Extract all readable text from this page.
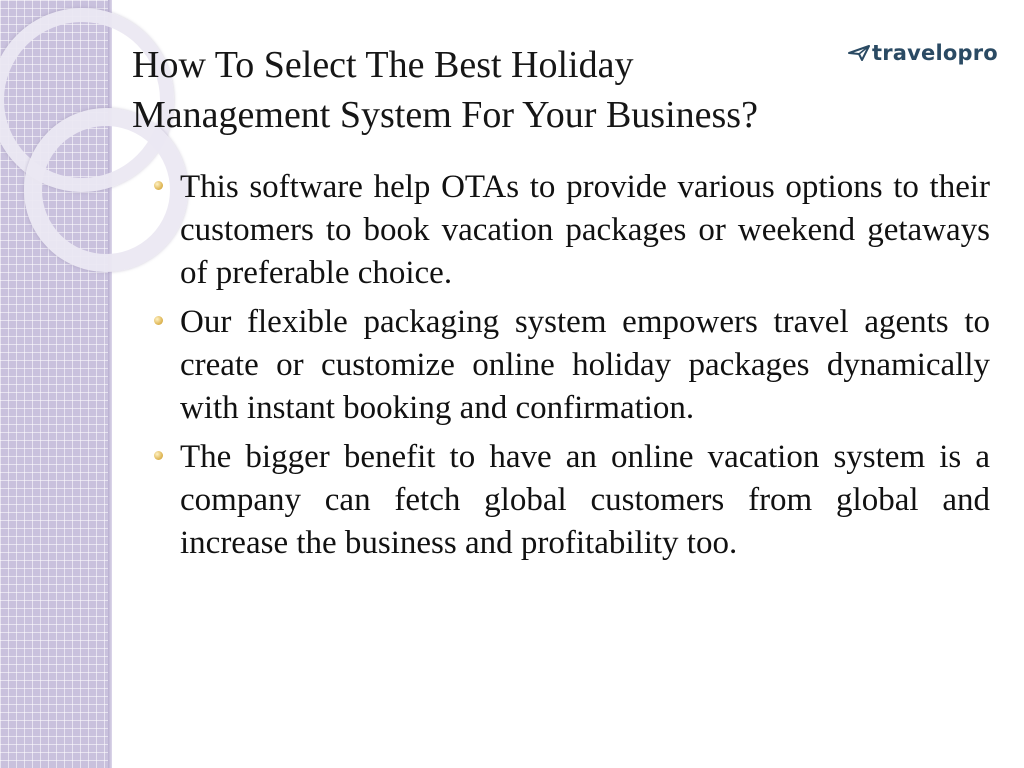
How To Select The Best Holiday Management System For Your Business?
travelopro
This software help OTAs to provide various options to their customers to book vacation packages or weekend getaways of preferable choice.
Our flexible packaging system empowers travel agents to create or customize online holiday packages dynamically with instant booking and confirmation.
The bigger benefit to have an online vacation system is a company can fetch global customers from global and increase the business and profitability too.
